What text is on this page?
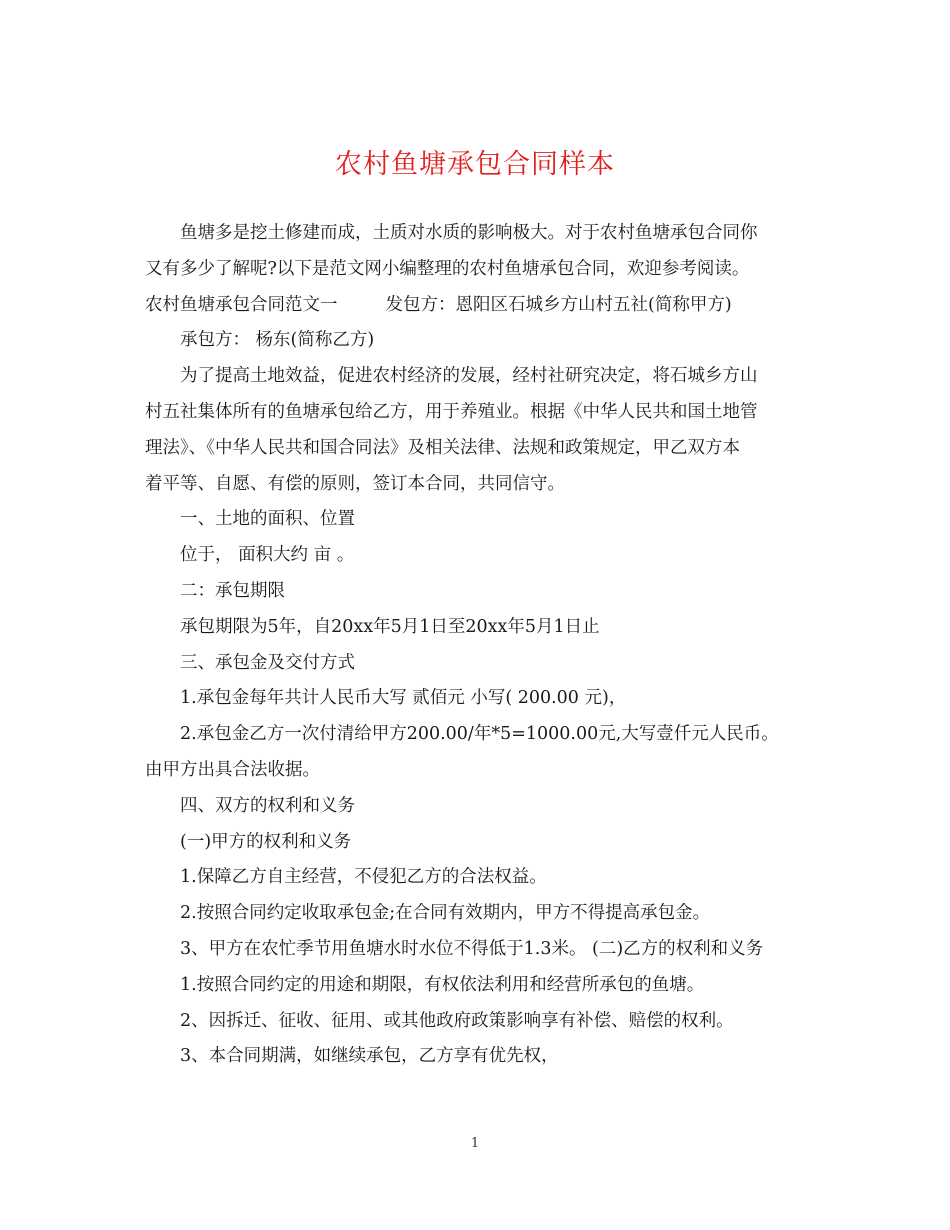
农村鱼塘承包合同样本

鱼塘多是挖土修建而成，土质对水质的影响极大。对于农村鱼塘承包合同你

又有多少了解呢?以下是范文网小编整理的农村鱼塘承包合同，欢迎参考阅读。

农村鱼塘承包合同范文一	发包方：恩阳区石城乡方山村五社(简称甲方)

承包方： 杨东(简称乙方)

为了提高土地效益，促进农村经济的发展，经村社研究决定，将石城乡方山

村五社集体所有的鱼塘承包给乙方，用于养殖业。根据《中华人民共和国土地管

理法》、《中华人民共和国合同法》及相关法律、法规和政策规定，甲乙双方本

着平等、自愿、有偿的原则，签订本合同，共同信守。

一、土地的面积、位置

位于， 面积大约 亩 。

二：承包期限

承包期限为5年，自20xx年5月1日至20xx年5月1日止

三、承包金及交付方式

1.承包金每年共计人民币大写 贰佰元 小写( 200.00 元)，

2.承包金乙方一次付清给甲方200.00/年*5=1000.00元,大写壹仟元人民币。

由甲方出具合法收据。

四、双方的权利和义务

(一)甲方的权利和义务

1.保障乙方自主经营，不侵犯乙方的合法权益。

2.按照合同约定收取承包金;在合同有效期内，甲方不得提高承包金。

3、甲方在农忙季节用鱼塘水时水位不得低于1.3米。 (二)乙方的权利和义务

1.按照合同约定的用途和期限，有权依法利用和经营所承包的鱼塘。

2、因拆迁、征收、征用、或其他政府政策影响享有补偿、赔偿的权利。

3、本合同期满，如继续承包，乙方享有优先权，

1
